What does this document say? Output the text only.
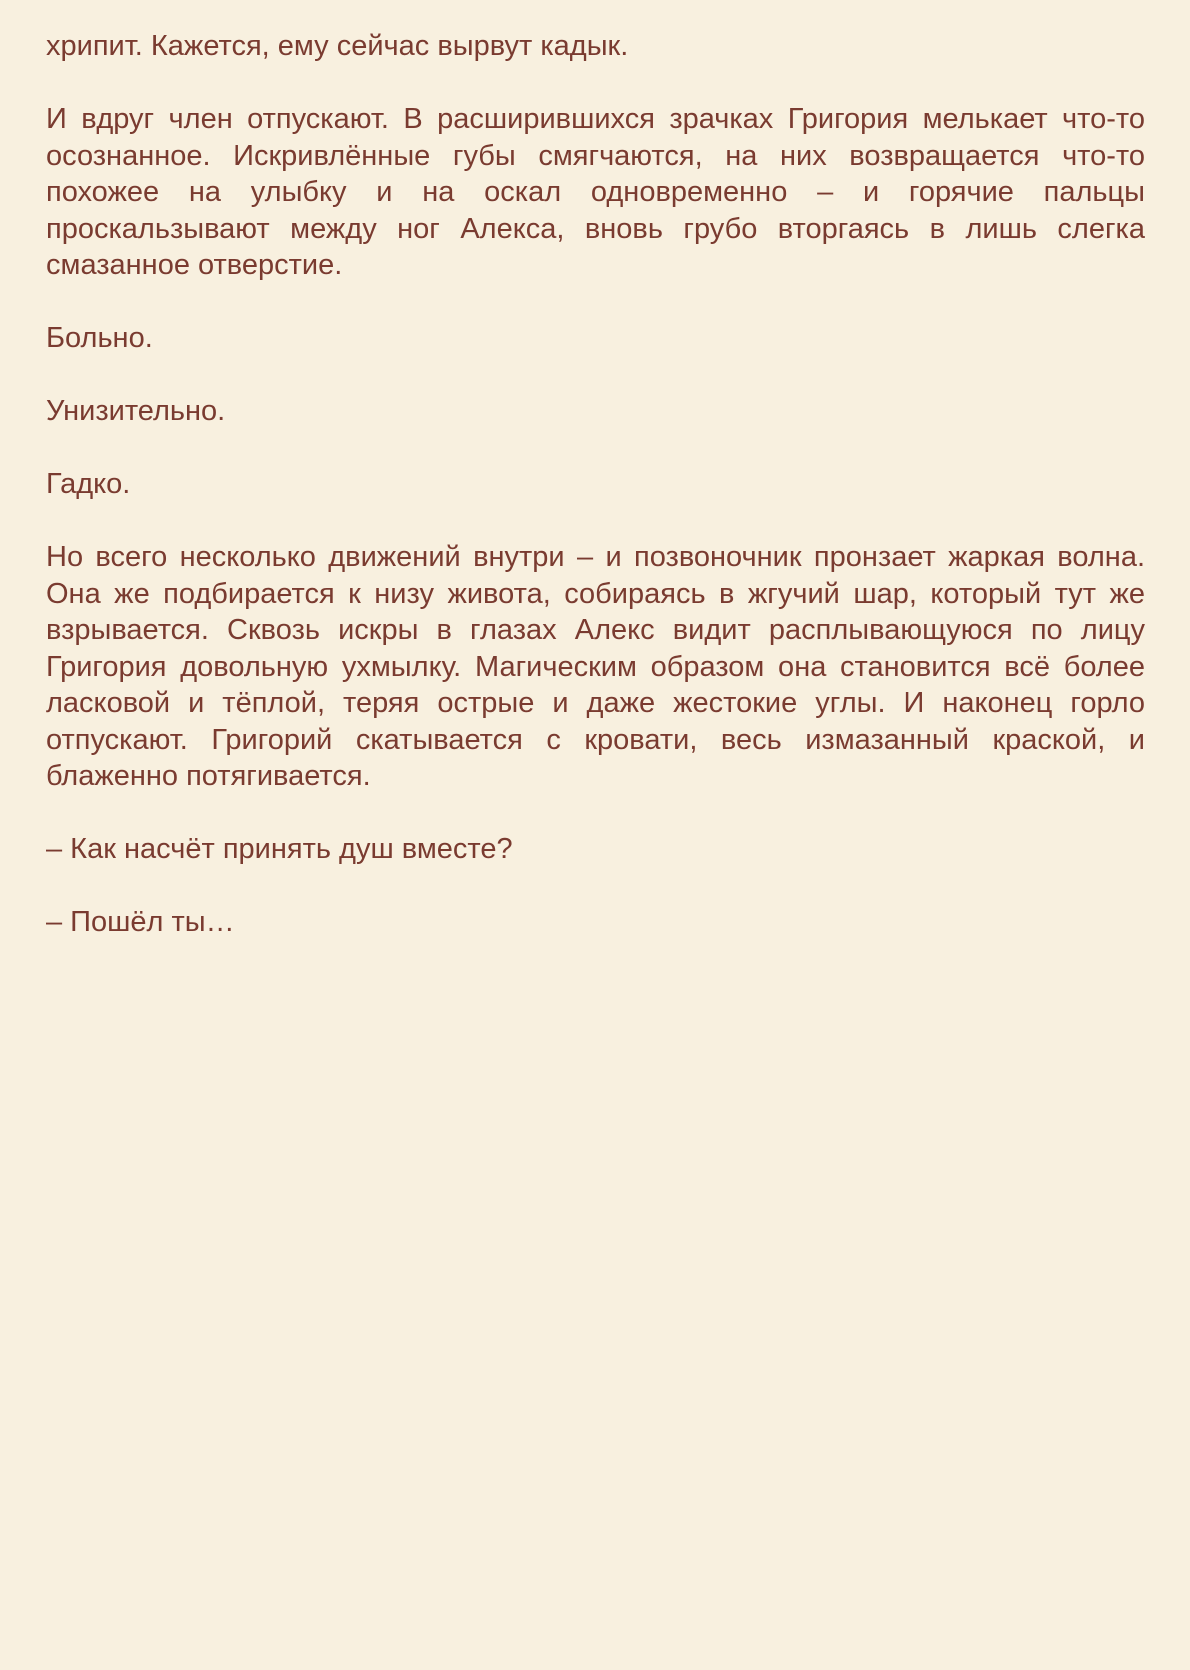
хрипит. Кажется, ему сейчас вырвут кадык.

И вдруг член отпускают. В расширившихся зрачках Григория мелькает что-то осознанное. Искривлённые губы смягчаются, на них возвращается что-то похожее на улыбку и на оскал одновременно – и горячие пальцы проскальзывают между ног Алекса, вновь грубо вторгаясь в лишь слегка смазанное отверстие.

Больно.

Унизительно.

Гадко.

Но всего несколько движений внутри – и позвоночник пронзает жаркая волна. Она же подбирается к низу живота, собираясь в жгучий шар, который тут же взрывается. Сквозь искры в глазах Алекс видит расплывающуюся по лицу Григория довольную ухмылку. Магическим образом она становится всё более ласковой и тёплой, теряя острые и даже жестокие углы. И наконец горло отпускают. Григорий скатывается с кровати, весь измазанный краской, и блаженно потягивается.

– Как насчёт принять душ вместе?

– Пошёл ты…
